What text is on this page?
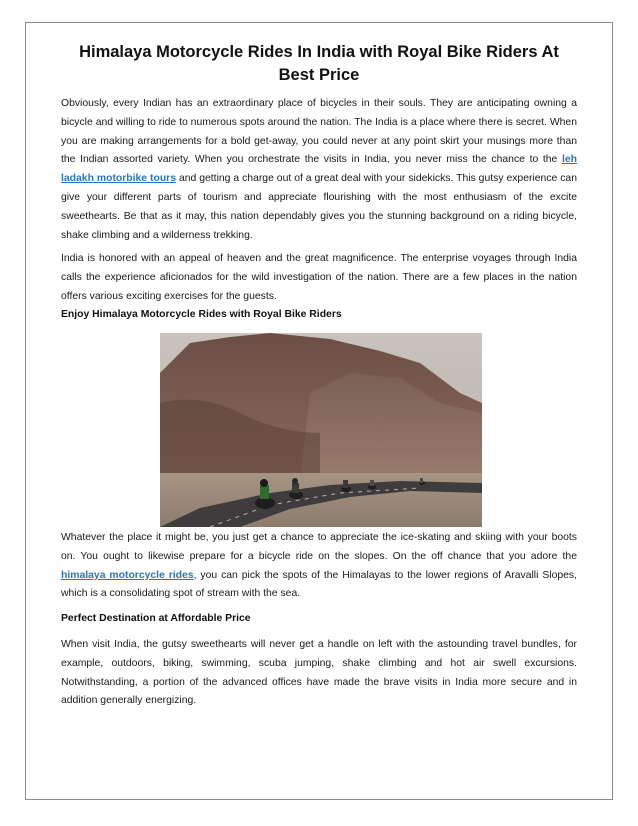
Himalaya Motorcycle Rides In India with Royal Bike Riders At Best Price

Obviously, every Indian has an extraordinary place of bicycles in their souls. They are anticipating owning a bicycle and willing to ride to numerous spots around the nation. The India is a place where there is secret. When you are making arrangements for a bold get-away, you could never at any point skirt your musings more than the Indian assorted variety. When you orchestrate the visits in India, you never miss the chance to the leh ladakh motorbike tours and getting a charge out of a great deal with your sidekicks. This gutsy experience can give your different parts of tourism and appreciate flourishing with the most enthusiasm of the excite sweethearts. Be that as it may, this nation dependably gives you the stunning background on a riding bicycle, shake climbing and a wilderness trekking.

India is honored with an appeal of heaven and the great magnificence. The enterprise voyages through India calls the experience aficionados for the wild investigation of the nation. There are a few places in the nation offers various exciting exercises for the guests.

Enjoy Himalaya Motorcycle Rides with Royal Bike Riders

Whatever the place it might be, you just get a chance to appreciate the ice-skating and skiing with your boots on. You ought to likewise prepare for a bicycle ride on the slopes. On the off chance that you adore the himalaya motorcycle rides, you can pick the spots of the Himalayas to the lower regions of Aravalli Slopes, which is a consolidating spot of stream with the sea.

Perfect Destination at Affordable Price

When visit India, the gutsy sweethearts will never get a handle on left with the astounding travel bundles, for example, outdoors, biking, swimming, scuba jumping, shake climbing and hot air swell excursions. Notwithstanding, a portion of the advanced offices have made the brave visits in India more secure and in addition generally energizing.
